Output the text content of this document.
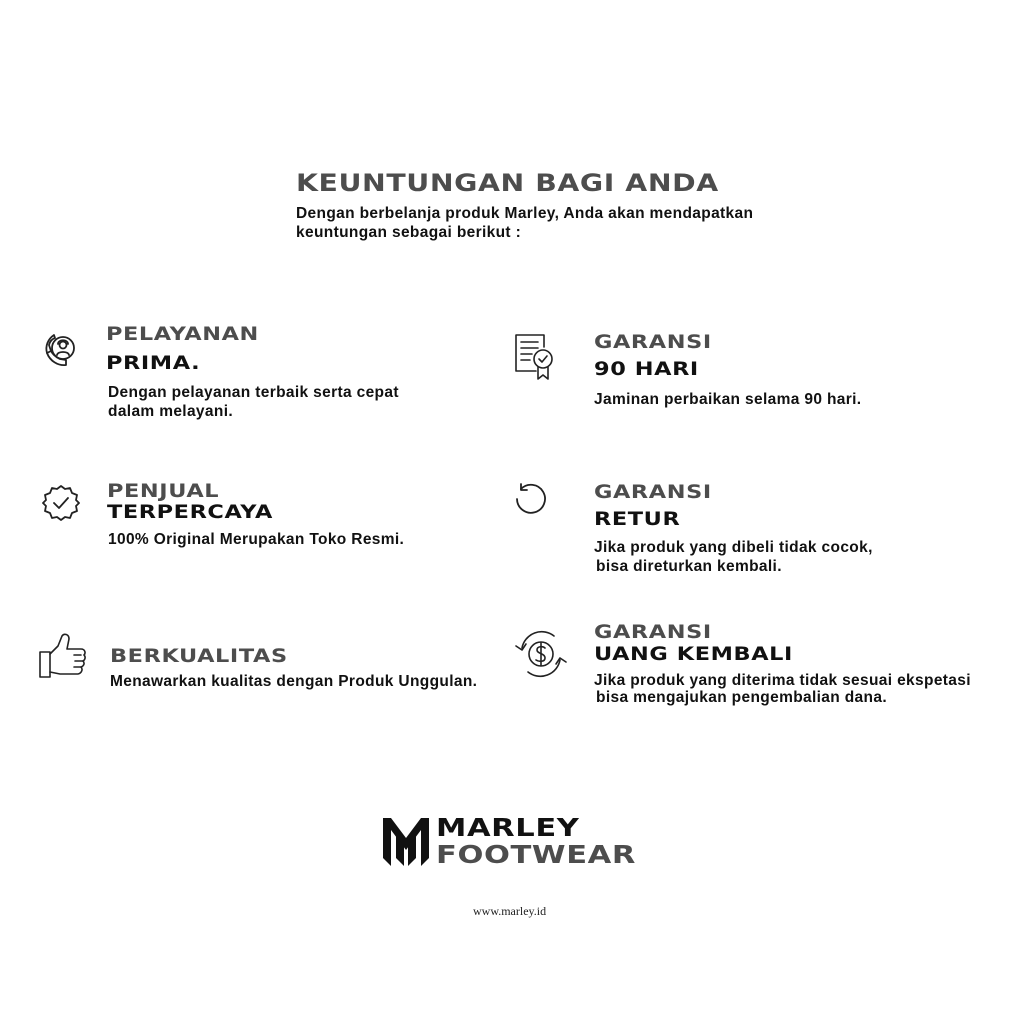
KEUNTUNGAN BAGI ANDA
Dengan berbelanja produk Marley, Anda akan mendapatkan
keuntungan sebagai berikut :
PELAYANAN
PRIMA.
Dengan pelayanan terbaik serta cepat
dalam melayani.
GARANSI
90 HARI
Jaminan perbaikan selama 90 hari.
PENJUAL
TERPERCAYA
100% Original Merupakan Toko Resmi.
GARANSI
RETUR
Jika produk yang dibeli tidak cocok,
bisa direturkan kembali.
BERKUALITAS
Menawarkan kualitas dengan Produk Unggulan.
GARANSI
UANG KEMBALI
Jika produk yang diterima tidak sesuai ekspetasi
bisa mengajukan pengembalian dana.
MARLEY
FOOTWEAR
www.marley.id
